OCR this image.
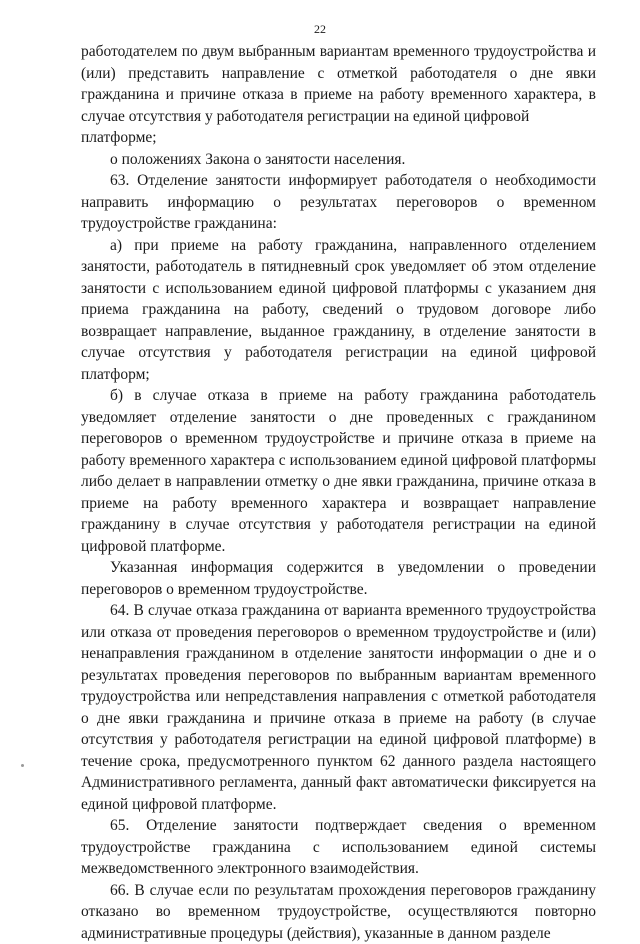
22

работодателем по двум выбранным вариантам временного трудоустройства и (или) представить направление с отметкой работодателя о дне явки гражданина и причине отказа в приеме на работу временного характера, в случае отсутствия у работодателя регистрации на единой цифровой
платформе;

о положениях Закона о занятости населения.

63. Отделение занятости информирует работодателя о необходимости направить информацию о результатах переговоров о временном трудоустройстве гражданина:

а) при приеме на работу гражданина, направленного отделением занятости, работодатель в пятидневный срок уведомляет об этом отделение занятости с использованием единой цифровой платформы с указанием дня приема гражданина на работу, сведений о трудовом договоре либо возвращает направление, выданное гражданину, в отделение занятости в случае отсутствия у работодателя регистрации на единой цифровой платформ;

б) в случае отказа в приеме на работу гражданина работодатель уведомляет отделение занятости о дне проведенных с гражданином переговоров о временном трудоустройстве и причине отказа в приеме на работу временного характера с использованием единой цифровой платформы либо делает в направлении отметку о дне явки гражданина, причине отказа в приеме на работу временного характера и возвращает направление гражданину в случае отсутствия у работодателя регистрации на единой цифровой платформе.

Указанная информация содержится в уведомлении о проведении переговоров о временном трудоустройстве.

64. В случае отказа гражданина от варианта временного трудоустройства или отказа от проведения переговоров о временном трудоустройстве и (или) ненаправления гражданином в отделение занятости информации о дне и о результатах проведения переговоров по выбранным вариантам временного трудоустройства или непредставления направления с отметкой работодателя о дне явки гражданина и причине отказа в приеме на работу (в случае отсутствия у работодателя регистрации на единой цифровой платформе) в течение срока, предусмотренного пунктом 62 данного раздела настоящего Административного регламента, данный факт автоматически фиксируется на единой цифровой платформе.

65. Отделение занятости подтверждает сведения о временном трудоустройстве гражданина с использованием единой системы межведомственного электронного взаимодействия.

66. В случае если по результатам прохождения переговоров гражданину отказано во временном трудоустройстве, осуществляются повторно административные процедуры (действия), указанные в данном разделе
